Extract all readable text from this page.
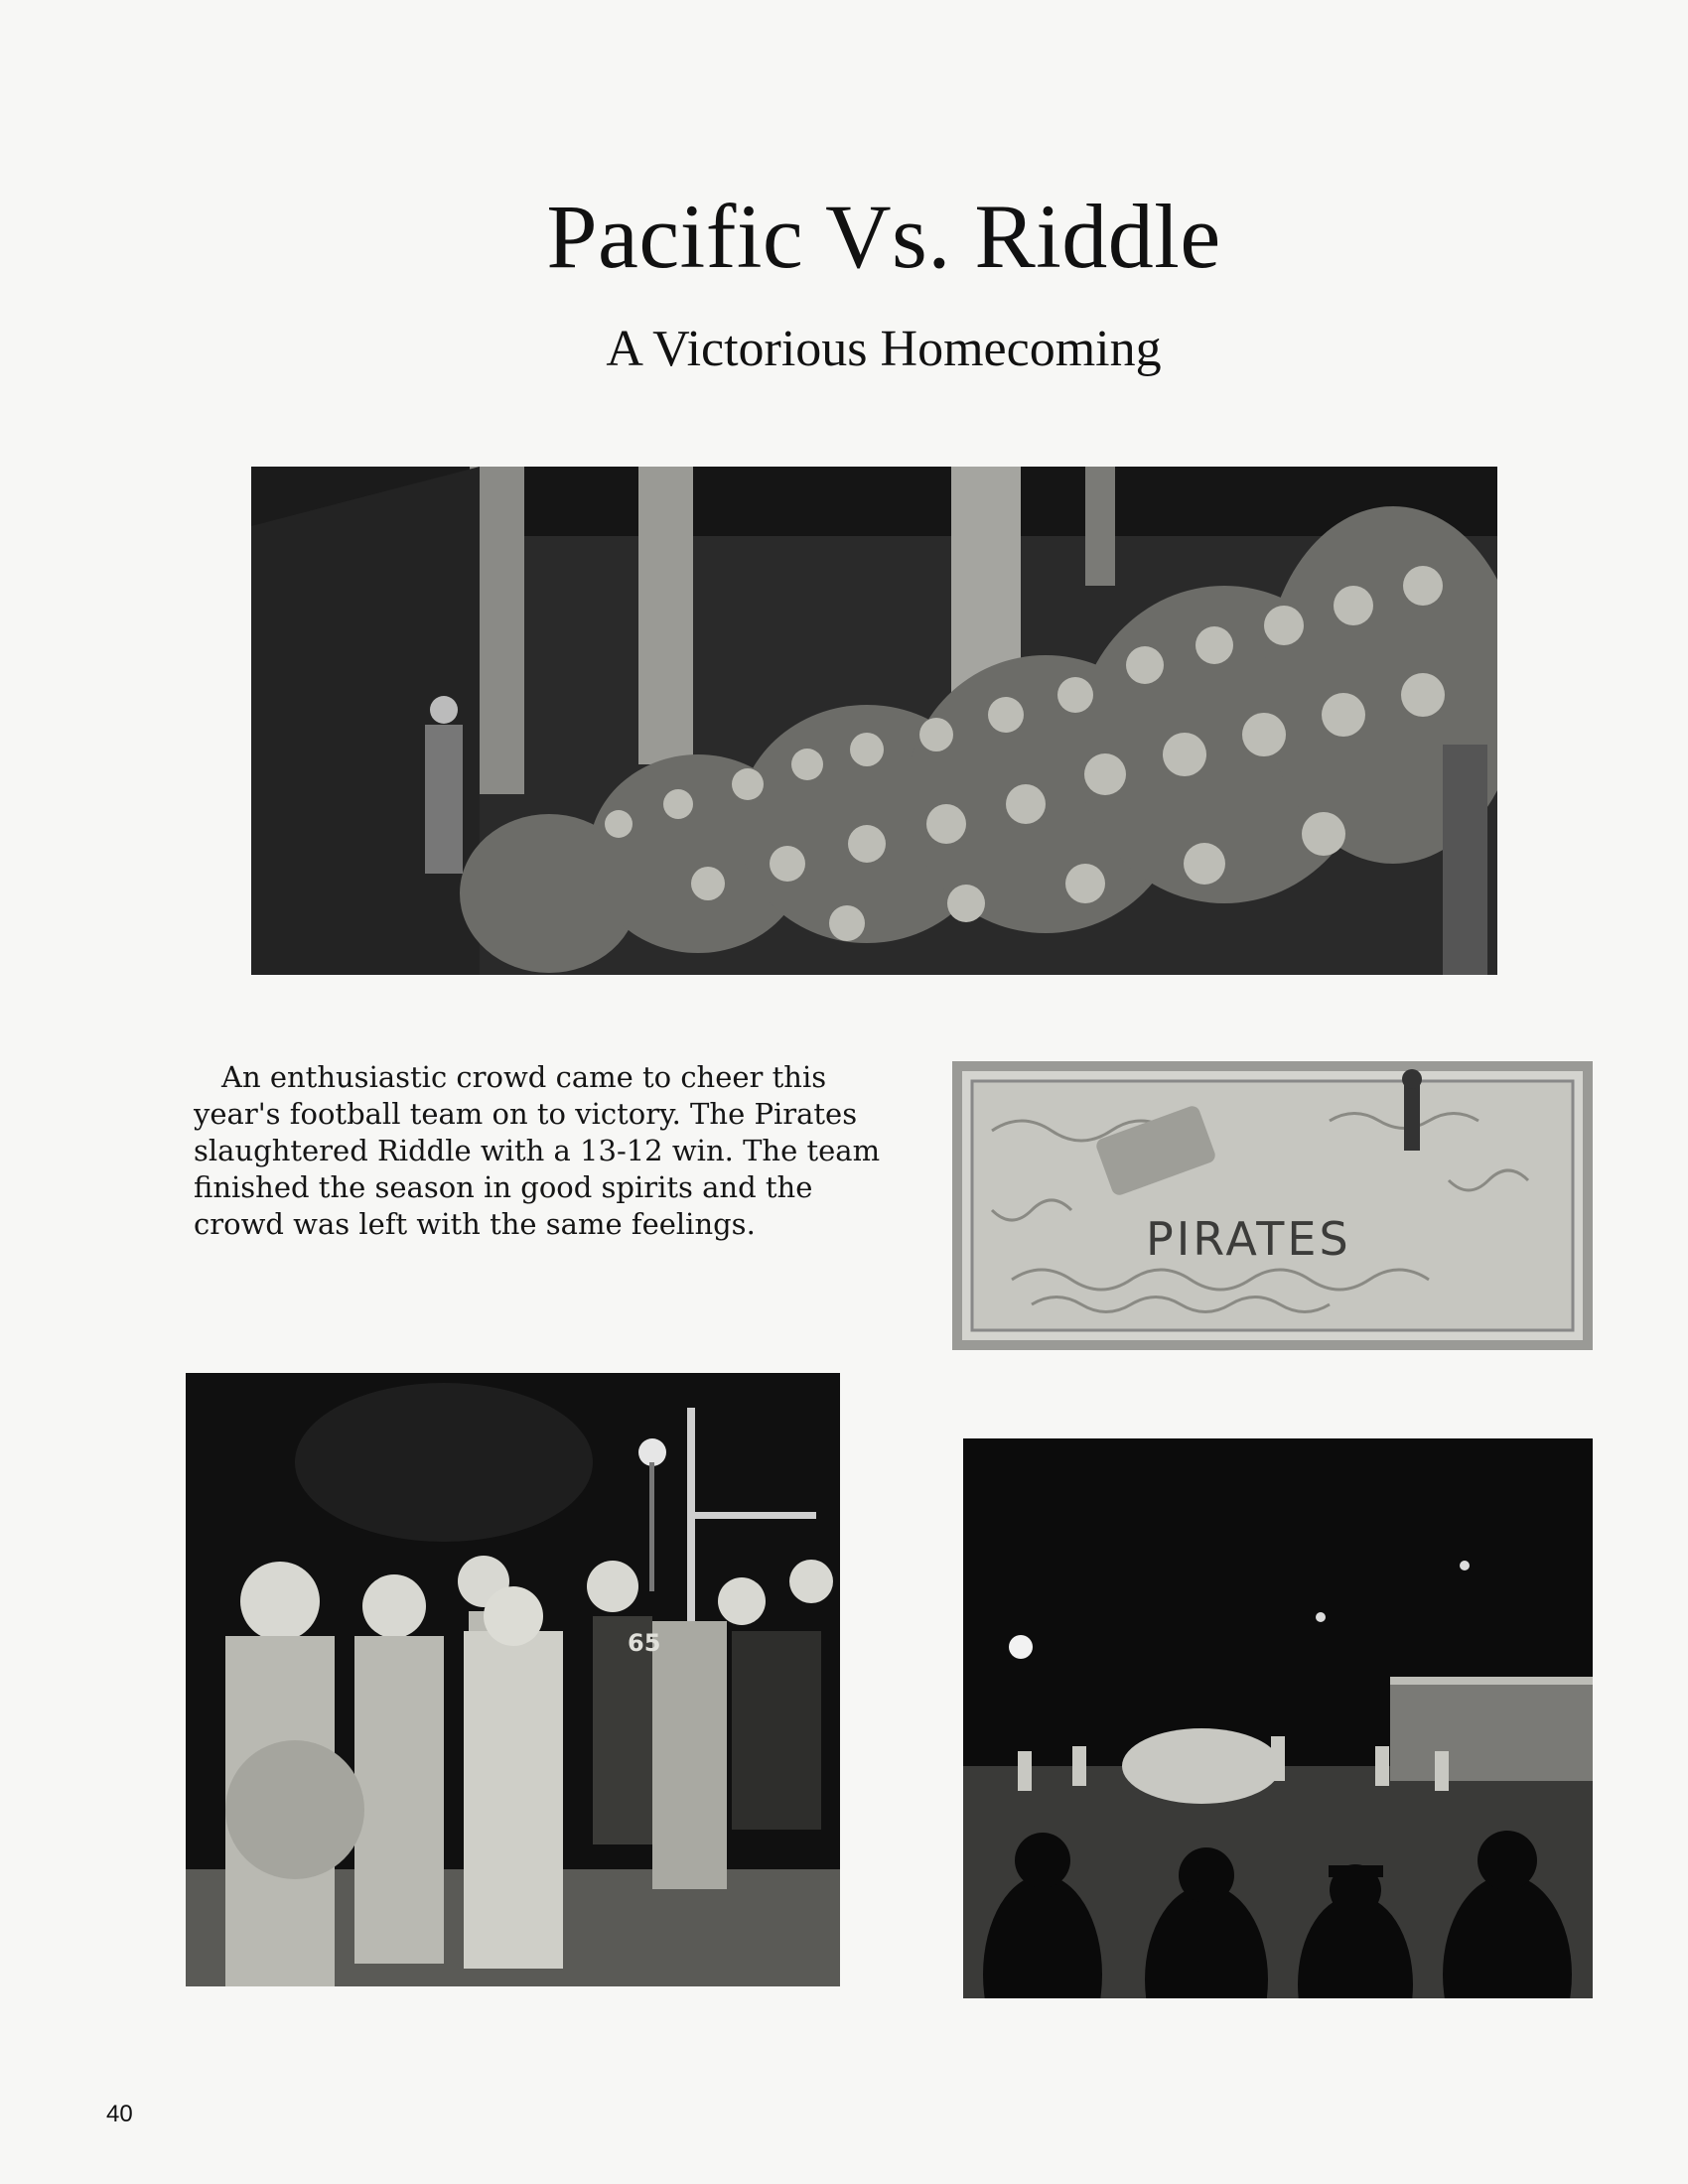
Pacific Vs. Riddle
A Victorious Homecoming
An enthusiastic crowd came to cheer this year's football team on to victory. The Pirates slaughtered Riddle with a 13-12 win. The team finished the season in good spirits and the crowd was left with the same feelings.	PIRATES
65
40
